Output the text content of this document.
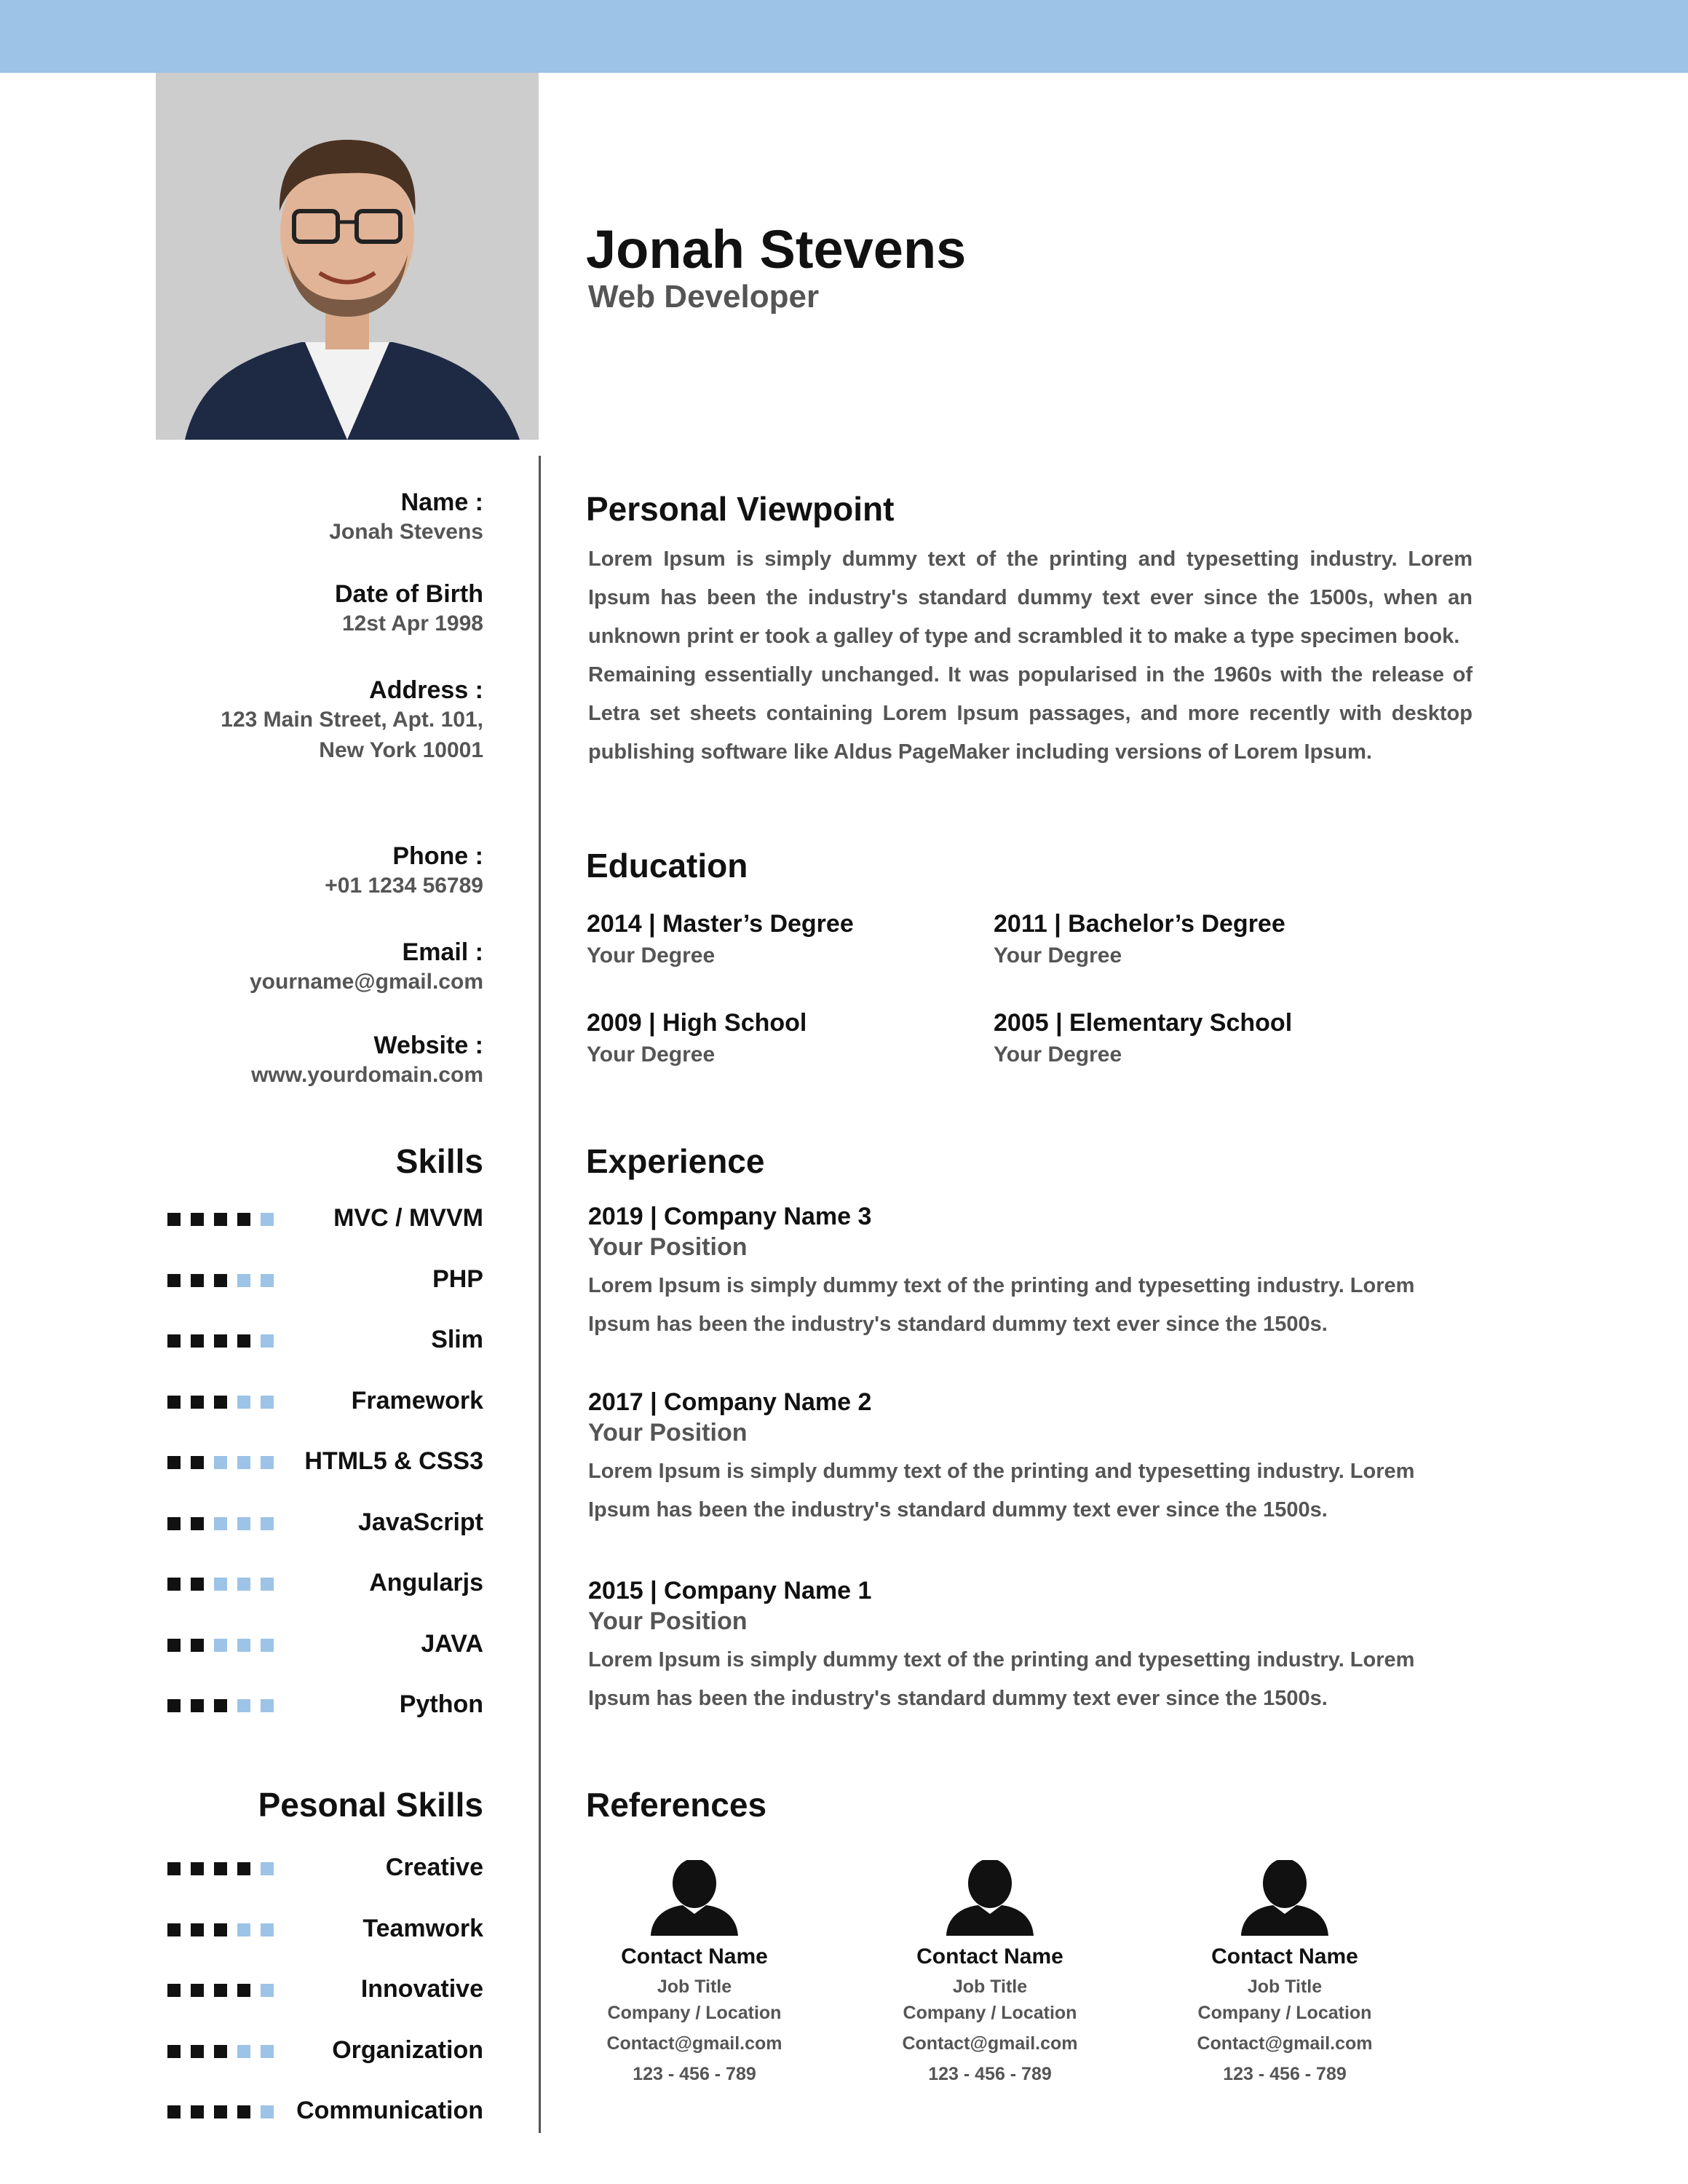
Jonah Stevens
Web Developer
Name :
Jonah Stevens
Date of Birth
12st Apr 1998
Address :
123 Main Street, Apt. 101,
New York 10001
Phone :
+01 1234 56789
Email :
yourname@gmail.com
Website :
www.yourdomain.com
Skills
MVC / MVVM
PHP
Slim
Framework
HTML5 & CSS3
JavaScript
Angularjs
JAVA
Python
Pesonal Skills
Creative
Teamwork
Innovative
Organization
Communication
Personal Viewpoint
Lorem Ipsum is simply dummy text of the printing and typesetting industry. Lorem Ipsum has been the industry's standard dummy text ever since the 1500s, when an unknown print er took a galley of type and scrambled it to make a type specimen book.
Remaining essentially unchanged. It was popularised in the 1960s with the release of Letra set sheets containing Lorem Ipsum passages, and more recently with desktop publishing software like Aldus PageMaker including versions of Lorem Ipsum.
Education
2014 | Master’s Degree
Your Degree
2011 | Bachelor’s Degree
Your Degree
2009 | High School
Your Degree
2005 | Elementary School
Your Degree
Experience
2019 | Company Name 3
Your Position
Lorem Ipsum is simply dummy text of the printing and typesetting industry. Lorem Ipsum has been the industry's standard dummy text ever since the 1500s.
2017 | Company Name 2
Your Position
Lorem Ipsum is simply dummy text of the printing and typesetting industry. Lorem Ipsum has been the industry's standard dummy text ever since the 1500s.
2015 | Company Name 1
Your Position
Lorem Ipsum is simply dummy text of the printing and typesetting industry. Lorem Ipsum has been the industry's standard dummy text ever since the 1500s.
References
Contact Name
Job Title
Company / Location
Contact@gmail.com
123 - 456 - 789
Contact Name
Job Title
Company / Location
Contact@gmail.com
123 - 456 - 789
Contact Name
Job Title
Company / Location
Contact@gmail.com
123 - 456 - 789
